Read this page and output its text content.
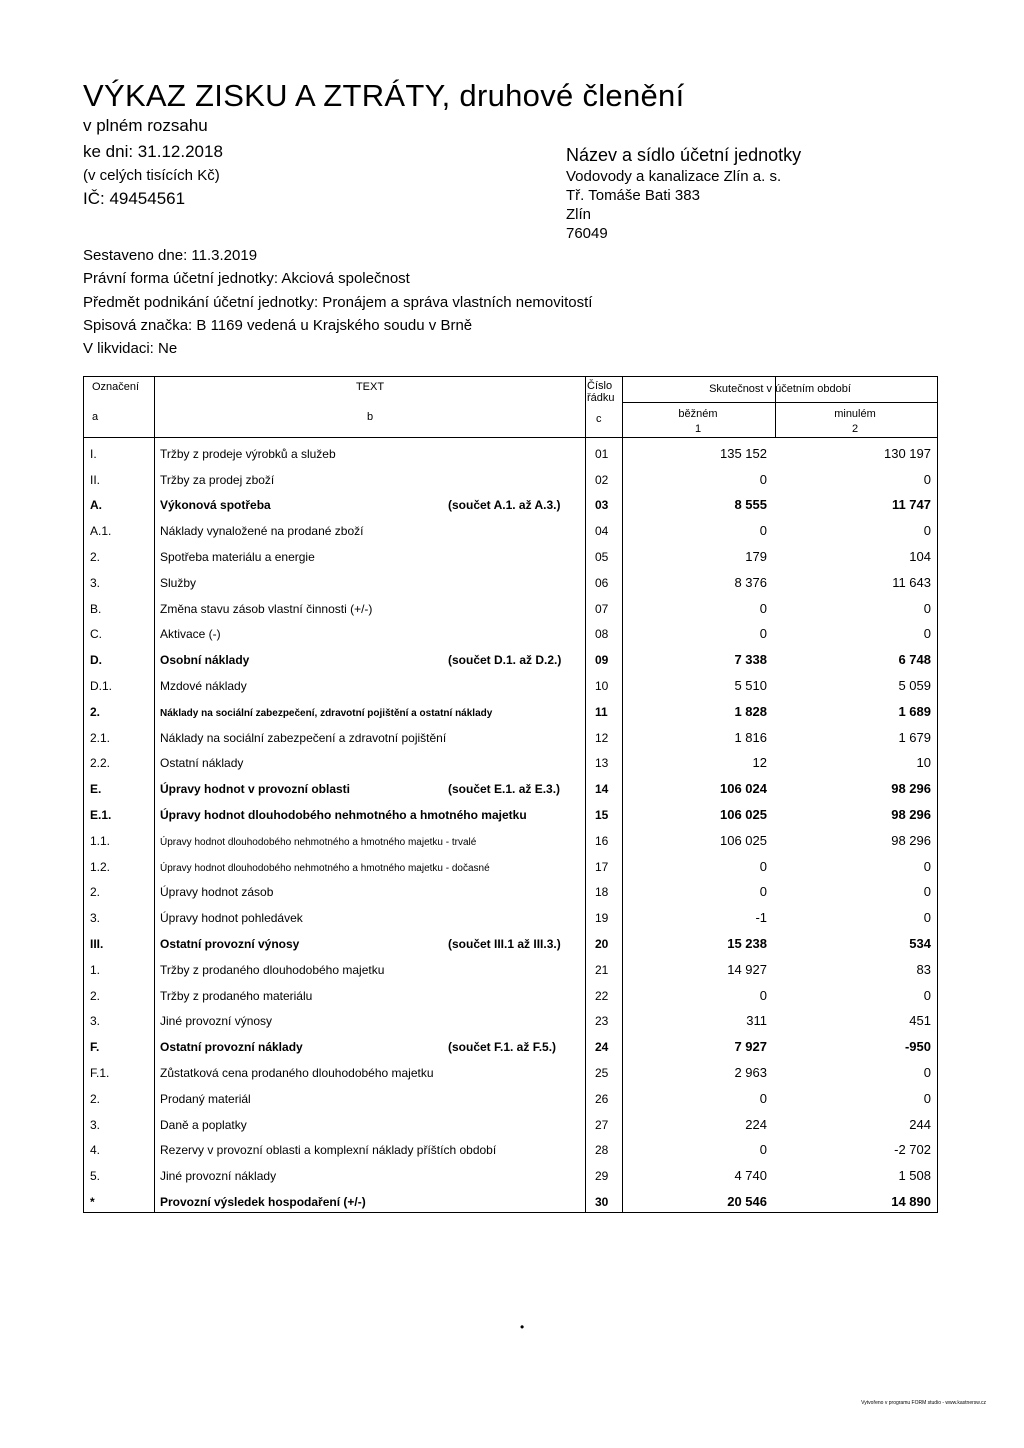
VÝKAZ ZISKU A ZTRÁTY, druhové členění
v plném rozsahu
ke dni: 31.12.2018
(v celých tisících Kč)
IČ: 49454561
Název a sídlo účetní jednotky
Vodovody a kanalizace Zlín a. s.
Tř. Tomáše Bati 383
Zlín
76049
Sestaveno dne: 11.3.2019
Právní forma účetní jednotky: Akciová společnost
Předmět podnikání účetní jednotky: Pronájem a správa vlastních nemovitostí
Spisová značka: B 1169 vedená u Krajského soudu v Brně
V likvidaci: Ne
Označení
a
TEXT
b
Číslo řádku
c
Skutečnost v účetním období
běžném
1
minulém
2
I.	Tržby z prodeje výrobků a služeb	01	135 152	130 197
II.	Tržby za prodej zboží	02	0	0
A.	Výkonová spotřeba	(součet A.1. až A.3.)	03	8 555	11 747
A.1.	Náklady vynaložené na prodané zboží	04	0	0
2.	Spotřeba materiálu a energie	05	179	104
3.	Služby	06	8 376	11 643
B.	Změna stavu zásob vlastní činnosti (+/-)	07	0	0
C.	Aktivace (-)	08	0	0
D.	Osobní náklady	(součet D.1. až D.2.)	09	7 338	6 748
D.1.	Mzdové náklady	10	5 510	5 059
2.	Náklady na sociální zabezpečení, zdravotní pojištění a ostatní náklady	11	1 828	1 689
2.1.	Náklady na sociální zabezpečení a zdravotní pojištění	12	1 816	1 679
2.2.	Ostatní náklady	13	12	10
E.	Úpravy hodnot v provozní oblasti	(součet E.1. až E.3.)	14	106 024	98 296
E.1.	Úpravy hodnot dlouhodobého nehmotného a hmotného majetku	15	106 025	98 296
1.1.	Úpravy hodnot dlouhodobého nehmotného a hmotného majetku - trvalé	16	106 025	98 296
1.2.	Úpravy hodnot dlouhodobého nehmotného a hmotného majetku - dočasné	17	0	0
2.	Úpravy hodnot zásob	18	0	0
3.	Úpravy hodnot pohledávek	19	-1	0
III.	Ostatní provozní výnosy	(součet III.1 až III.3.)	20	15 238	534
1.	Tržby z prodaného dlouhodobého majetku	21	14 927	83
2.	Tržby z prodaného materiálu	22	0	0
3.	Jiné provozní výnosy	23	311	451
F.	Ostatní provozní náklady	(součet F.1. až F.5.)	24	7 927	-950
F.1.	Zůstatková cena prodaného dlouhodobého majetku	25	2 963	0
2.	Prodaný materiál	26	0	0
3.	Daně a poplatky	27	224	244
4.	Rezervy v provozní oblasti a komplexní náklady příštích období	28	0	-2 702
5.	Jiné provozní náklady	29	4 740	1 508
*	Provozní výsledek hospodaření (+/-)	30	20 546	14 890
•
Vytvořeno v programu FORM studio - www.kastnersw.cz
